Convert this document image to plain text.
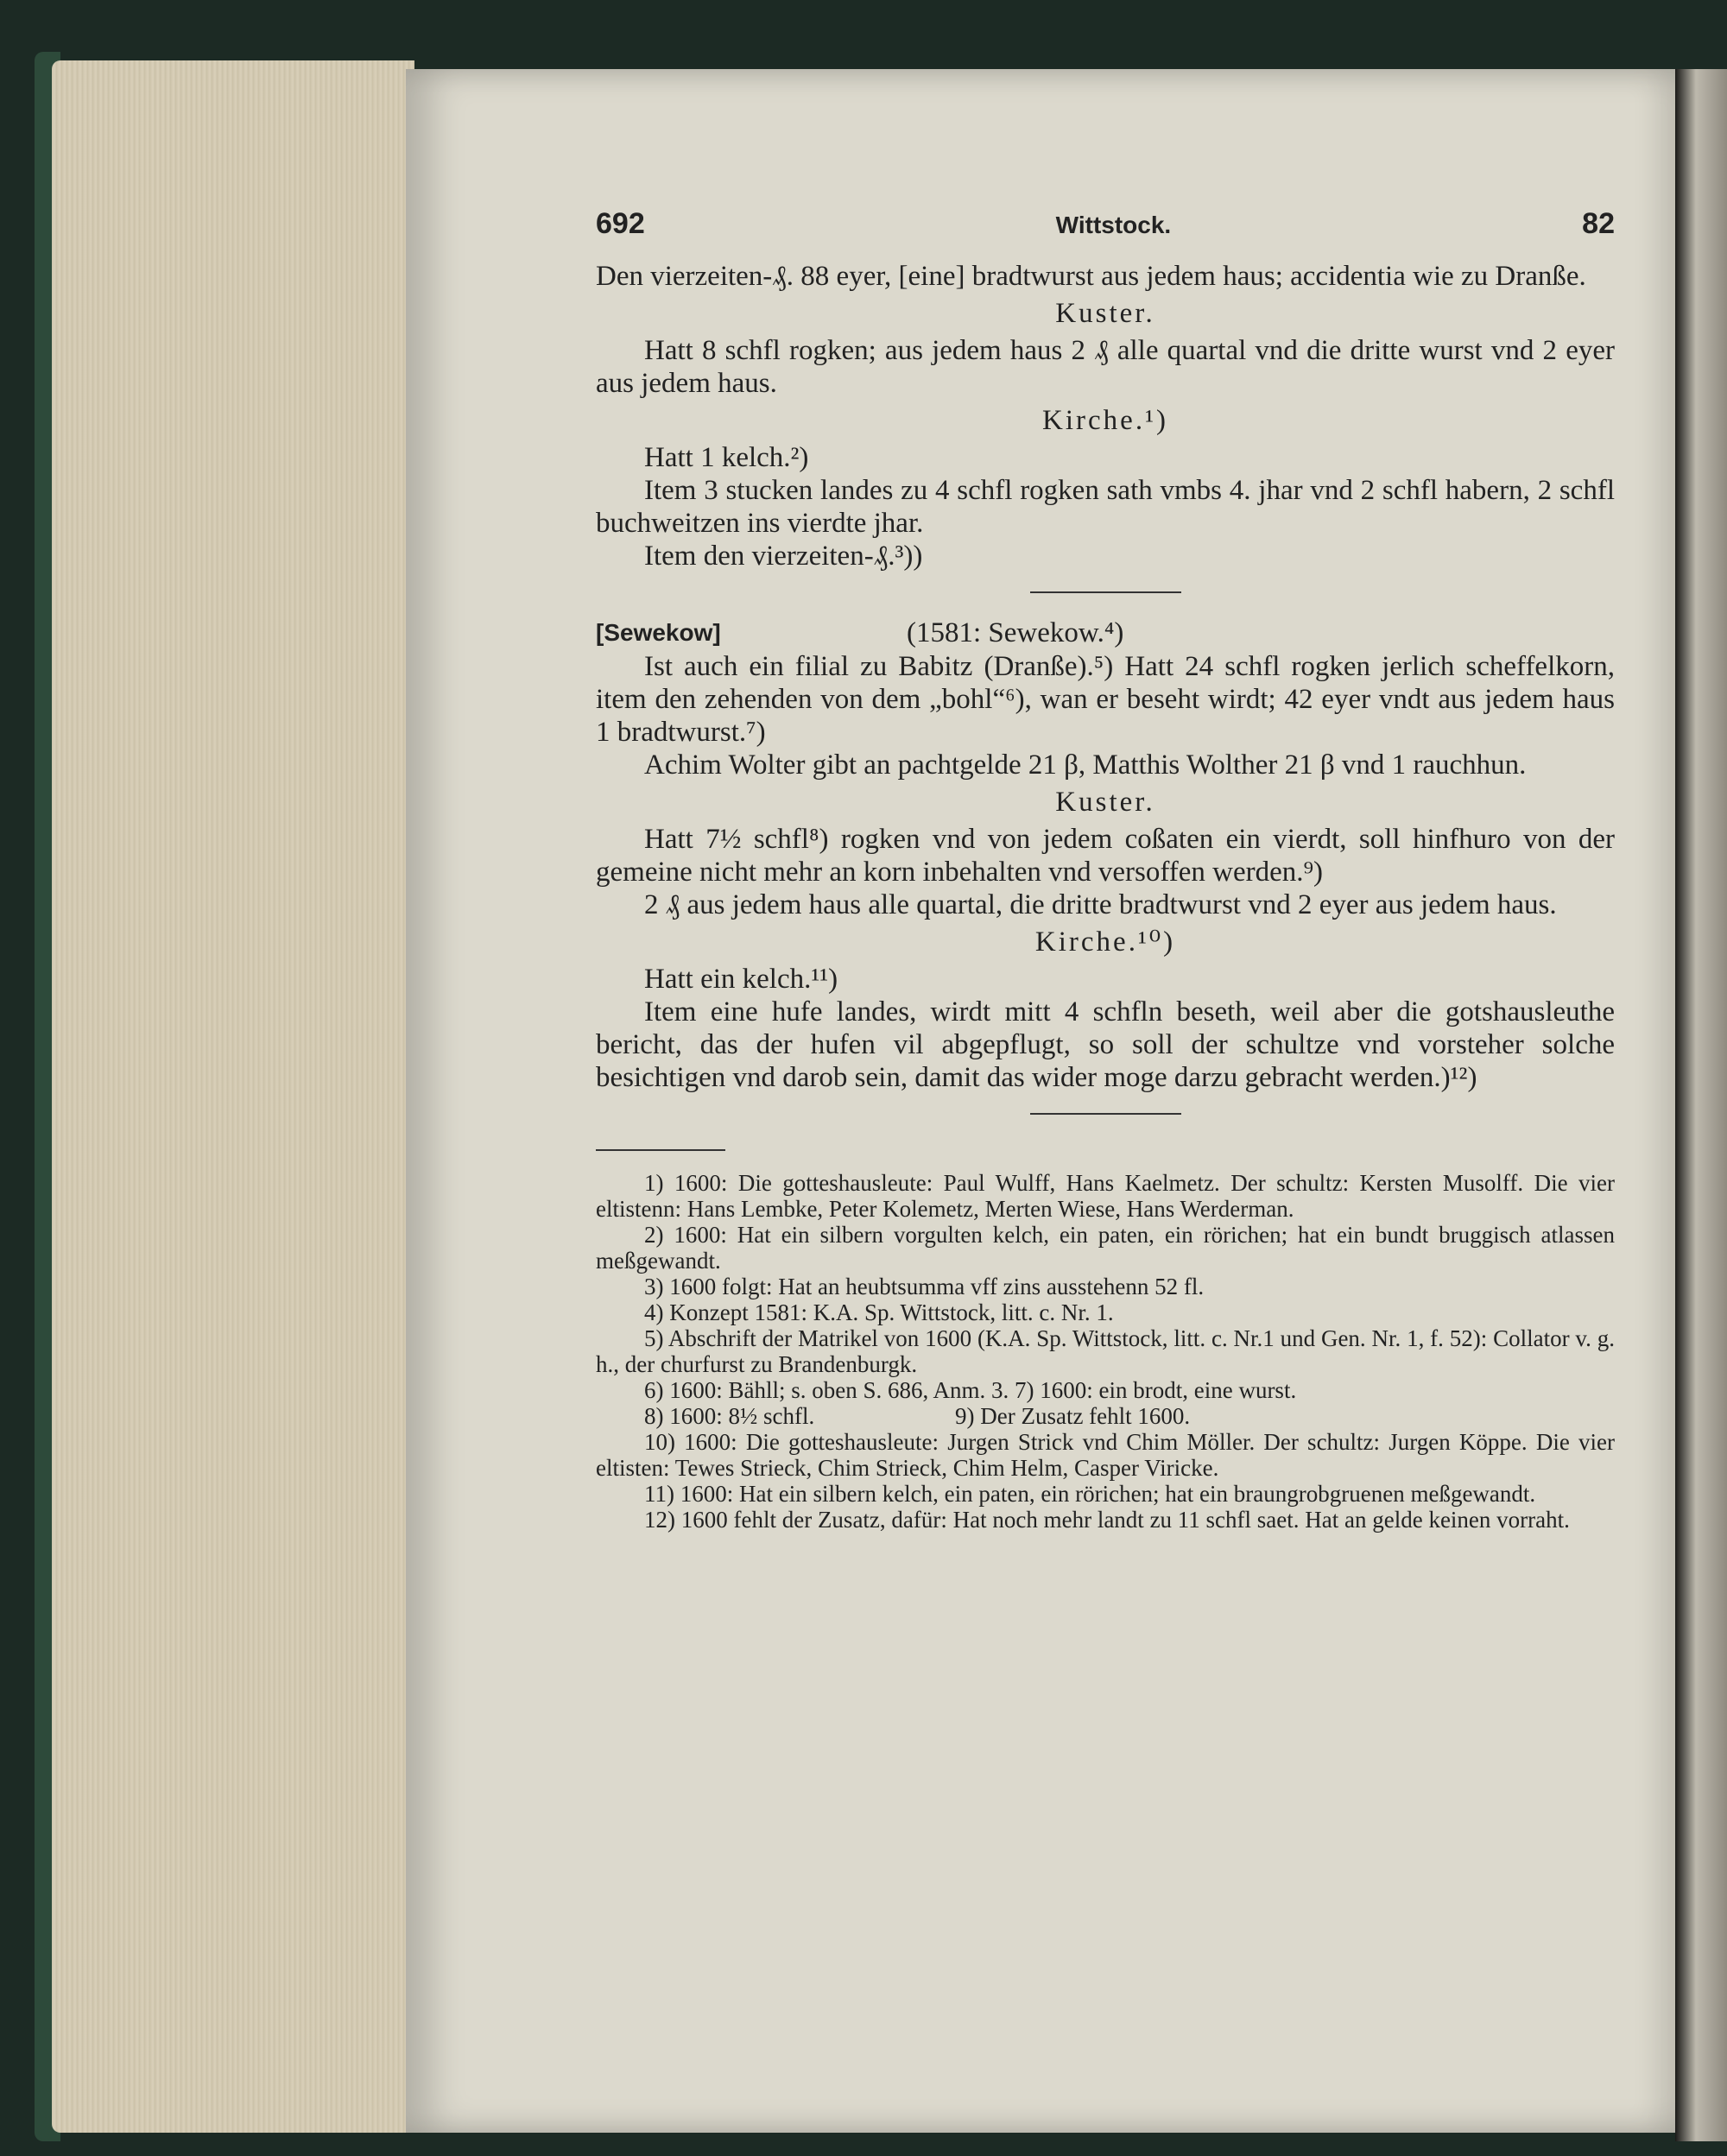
692	Wittstock.	82

Den vierzeiten-₰. 88 eyer, [eine] bradtwurst aus jedem haus; accidentia wie zu Dranße.

Kuster.

Hatt 8 schfl rogken; aus jedem haus 2 ₰ alle quartal vnd die dritte wurst vnd 2 eyer aus jedem haus.

Kirche.¹)

Hatt 1 kelch.²)

Item 3 stucken landes zu 4 schfl rogken sath vmbs 4. jhar vnd 2 schfl habern, 2 schfl buchweitzen ins vierdte jhar.

Item den vierzeiten-₰.³))

[Sewekow]	(1581: Sewekow.⁴)

Ist auch ein filial zu Babitz (Dranße).⁵) Hatt 24 schfl rogken jerlich scheffelkorn, item den zehenden von dem „bohl“⁶), wan er beseht wirdt; 42 eyer vndt aus jedem haus 1 bradtwurst.⁷)

Achim Wolter gibt an pachtgelde 21 β, Matthis Wolther 21 β vnd 1 rauchhun.

Kuster.

Hatt 7½ schfl⁸) rogken vnd von jedem coßaten ein vierdt, soll hinfhuro von der gemeine nicht mehr an korn inbehalten vnd versoffen werden.⁹)

2 ₰ aus jedem haus alle quartal, die dritte bradtwurst vnd 2 eyer aus jedem haus.

Kirche.¹⁰)

Hatt ein kelch.¹¹)

Item eine hufe landes, wirdt mitt 4 schfln beseth, weil aber die gotshausleuthe bericht, das der hufen vil abgepflugt, so soll der schultze vnd vorsteher solche besichtigen vnd darob sein, damit das wider moge darzu gebracht werden.)¹²)

1) 1600: Die gotteshausleute: Paul Wulff, Hans Kaelmetz. Der schultz: Kersten Musolff. Die vier eltistenn: Hans Lembke, Peter Kolemetz, Merten Wiese, Hans Werderman.

2) 1600: Hat ein silbern vorgulten kelch, ein paten, ein rörichen; hat ein bundt bruggisch atlassen meßgewandt.

3) 1600 folgt: Hat an heubtsumma vff zins ausstehenn 52 fl.

4) Konzept 1581: K.A. Sp. Wittstock, litt. c. Nr. 1.

5) Abschrift der Matrikel von 1600 (K.A. Sp. Wittstock, litt. c. Nr.1 und Gen. Nr. 1, f. 52): Collator v. g. h., der churfurst zu Brandenburgk.

6) 1600: Bähll; s. oben S. 686, Anm. 3. 7) 1600: ein brodt, eine wurst.

8) 1600: 8½ schfl.	9) Der Zusatz fehlt 1600.

10) 1600: Die gotteshausleute: Jurgen Strick vnd Chim Möller. Der schultz: Jurgen Köppe. Die vier eltisten: Tewes Strieck, Chim Strieck, Chim Helm, Casper Viricke.

11) 1600: Hat ein silbern kelch, ein paten, ein rörichen; hat ein braungrobgruenen meßgewandt.

12) 1600 fehlt der Zusatz, dafür: Hat noch mehr landt zu 11 schfl saet. Hat an gelde keinen vorraht.
